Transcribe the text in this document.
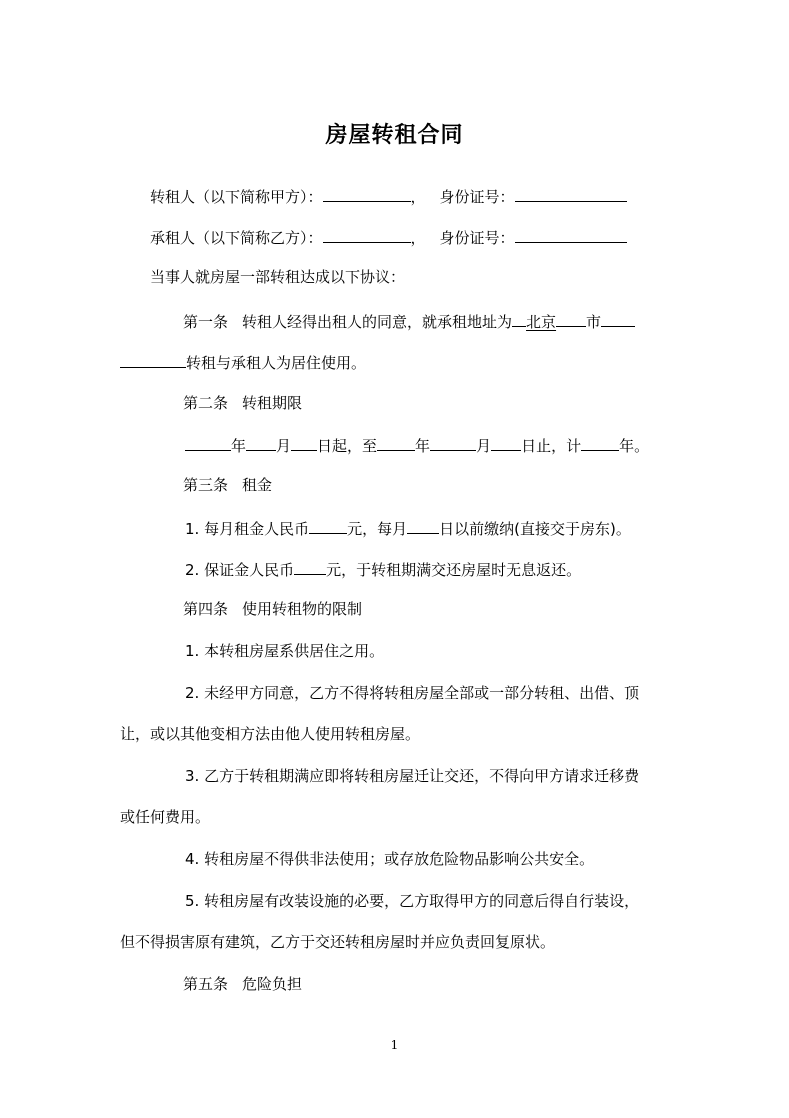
房屋转租合同
转租人（以下简称甲方）：	， 身份证号：
承租人（以下简称乙方）：	， 身份证号：
当事人就房屋一部转租达成以下协议：
第一条 转租人经得出租人的同意，就承租地址为 北京 市
转租与承租人为居住使用。
第二条 转租期限
年 月 日起，至	年	月 日止，计	年。
第三条 租金
1. 每月租金人民币	元，每月 日以前缴纳(直接交于房东)。
2. 保证金人民币 元，于转租期满交还房屋时无息返还。
第四条 使用转租物的限制
1. 本转租房屋系供居住之用。
2. 未经甲方同意，乙方不得将转租房屋全部或一部分转租、出借、顶
让，或以其他变相方法由他人使用转租房屋。
3. 乙方于转租期满应即将转租房屋迁让交还，不得向甲方请求迁移费
或任何费用。
4. 转租房屋不得供非法使用；或存放危险物品影响公共安全。
5. 转租房屋有改装设施的必要，乙方取得甲方的同意后得自行装设，
但不得损害原有建筑，乙方于交还转租房屋时并应负责回复原状。
第五条 危险负担
1
